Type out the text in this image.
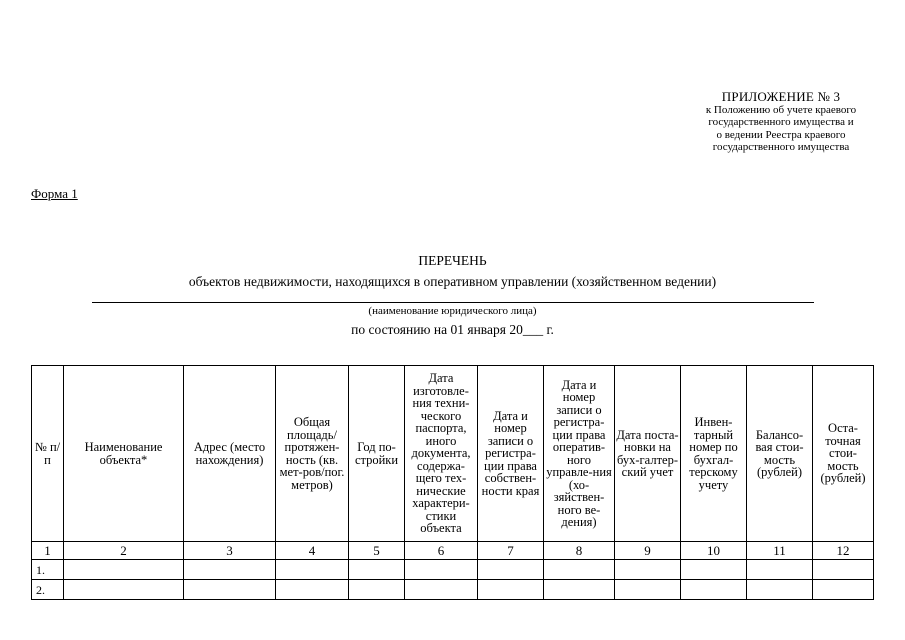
ПРИЛОЖЕНИЕ № 3
к Положению об учете краевого
государственного имущества и
о ведении Реестра краевого
государственного имущества
Форма 1
ПЕРЕЧЕНЬ
объектов недвижимости, находящихся в оперативном управлении (хозяйственном ведении)
(наименование юридического лица)
по состоянию на 01 января 20___ г.
№ п/п	Наименование объекта*	Адрес (место нахождения)	Общая площадь/ протяжен-ность (кв. мет-ров/пог. метров)	Год по-стройки	Дата изготовле-ния техни-ческого паспорта, иного документа, содержа-щего тех-нические характери-стики объекта	Дата и номер записи о регистра-ции права собствен-ности края	Дата и номер записи о регистра-ции права оператив-ного управле-ния (хо-зяйствен-ного ве-дения)	Дата поста-новки на бух-галтер-ский учет	Инвен-тарный номер по бухгал-терскому учету	Балансо-вая стои-мость (рублей)	Оста-точная стои-мость (рублей)
1	2	3	4	5	6	7	8	9	10	11	12
1.											
2.											
